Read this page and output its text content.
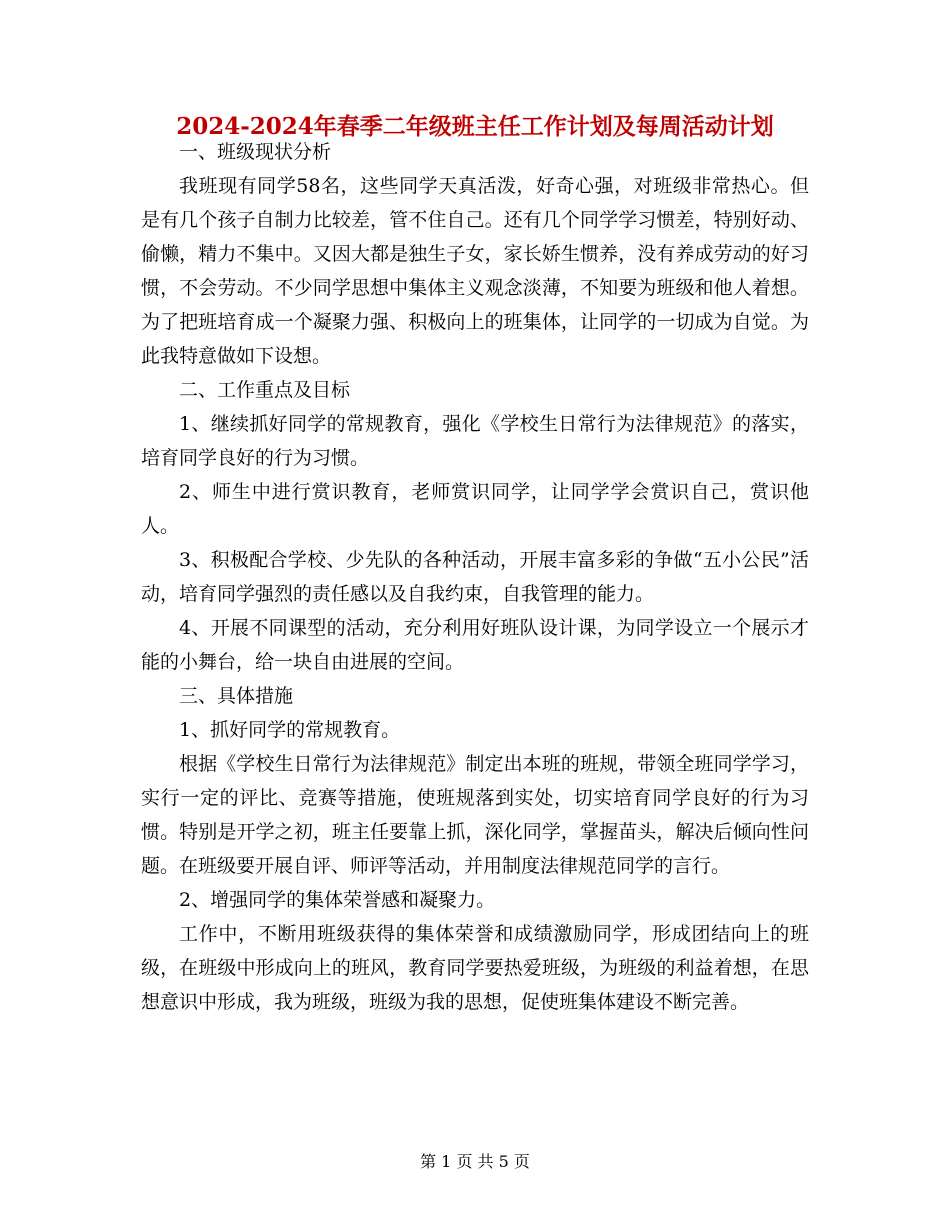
2024-2024年春季二年级班主任工作计划及每周活动计划

一、班级现状分析

我班现有同学58名，这些同学天真活泼，好奇心强，对班级非常热心。但是有几个孩子自制力比较差，管不住自己。还有几个同学学习惯差，特别好动、偷懒，精力不集中。又因大都是独生子女，家长娇生惯养，没有养成劳动的好习惯，不会劳动。不少同学思想中集体主义观念淡薄，不知要为班级和他人着想。为了把班培育成一个凝聚力强、积极向上的班集体，让同学的一切成为自觉。为此我特意做如下设想。

二、工作重点及目标

1、继续抓好同学的常规教育，强化《学校生日常行为法律规范》的落实，培育同学良好的行为习惯。

2、师生中进行赏识教育，老师赏识同学，让同学学会赏识自己，赏识他人。

3、积极配合学校、少先队的各种活动，开展丰富多彩的争做“五小公民”活动，培育同学强烈的责任感以及自我约束，自我管理的能力。

4、开展不同课型的活动，充分利用好班队设计课，为同学设立一个展示才能的小舞台，给一块自由进展的空间。

三、具体措施

1、抓好同学的常规教育。

根据《学校生日常行为法律规范》制定出本班的班规，带领全班同学学习，实行一定的评比、竞赛等措施，使班规落到实处，切实培育同学良好的行为习惯。特别是开学之初，班主任要靠上抓，深化同学，掌握苗头，解决后倾向性问题。在班级要开展自评、师评等活动，并用制度法律规范同学的言行。

2、增强同学的集体荣誉感和凝聚力。

工作中，不断用班级获得的集体荣誉和成绩激励同学，形成团结向上的班级，在班级中形成向上的班风，教育同学要热爱班级，为班级的利益着想，在思想意识中形成，我为班级，班级为我的思想，促使班集体建设不断完善。

第 1 页 共 5 页
